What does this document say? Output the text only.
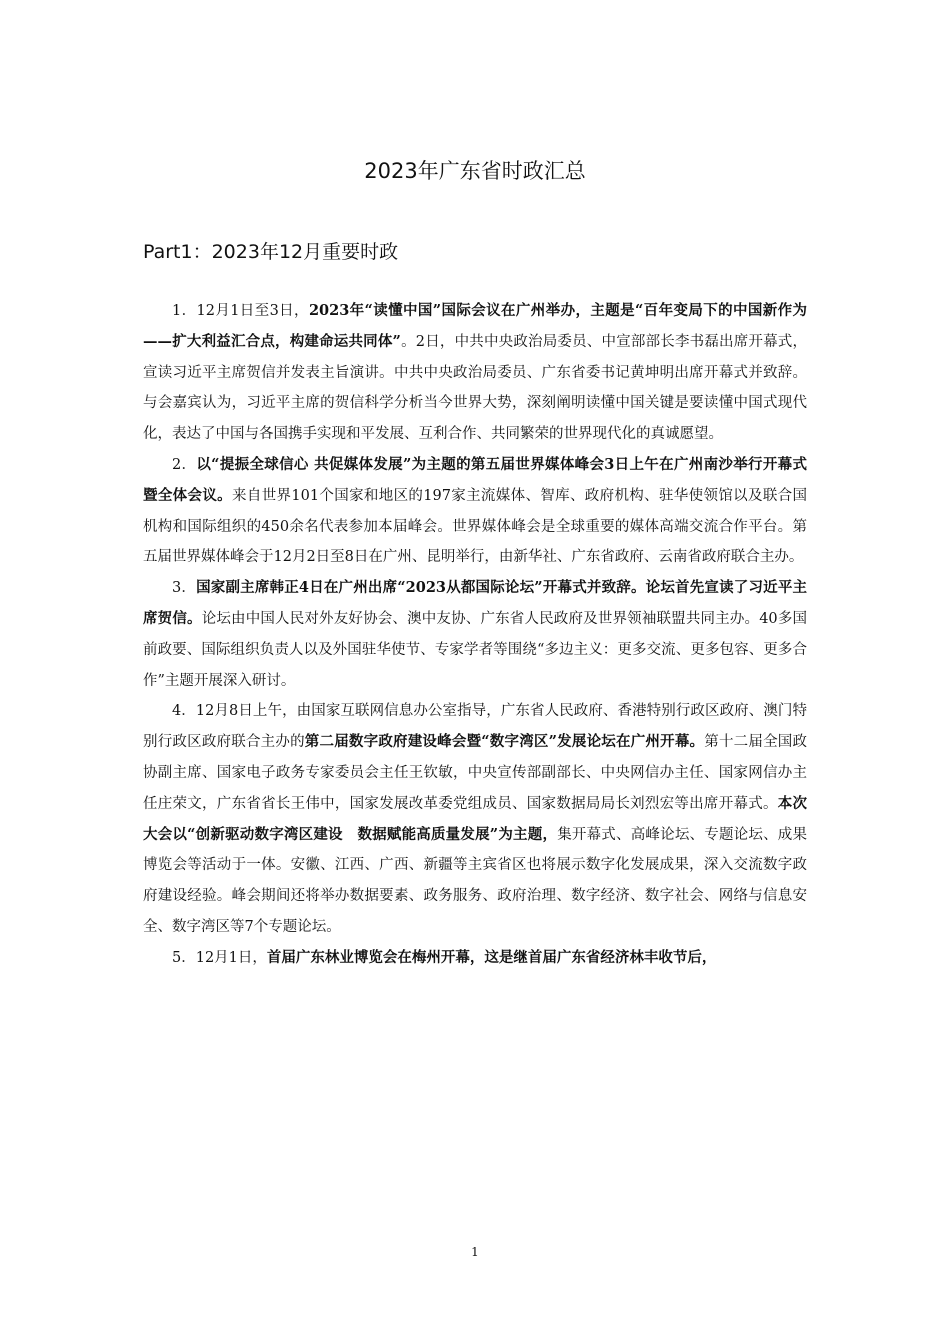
2023年广东省时政汇总
Part1：2023年12月重要时政

1．12月1日至3日，2023年“读懂中国”国际会议在广州举办，主题是“百年变局下的中国新作为——扩大利益汇合点，构建命运共同体”。2日，中共中央政治局委员、中宣部部长李书磊出席开幕式，宣读习近平主席贺信并发表主旨演讲。中共中央政治局委员、广东省委书记黄坤明出席开幕式并致辞。与会嘉宾认为，习近平主席的贺信科学分析当今世界大势，深刻阐明读懂中国关键是要读懂中国式现代化，表达了中国与各国携手实现和平发展、互利合作、共同繁荣的世界现代化的真诚愿望。

2．以“提振全球信心 共促媒体发展”为主题的第五届世界媒体峰会3日上午在广州南沙举行开幕式暨全体会议。来自世界101个国家和地区的197家主流媒体、智库、政府机构、驻华使领馆以及联合国机构和国际组织的450余名代表参加本届峰会。世界媒体峰会是全球重要的媒体高端交流合作平台。第五届世界媒体峰会于12月2日至8日在广州、昆明举行，由新华社、广东省政府、云南省政府联合主办。

3．国家副主席韩正4日在广州出席“2023从都国际论坛”开幕式并致辞。论坛首先宣读了习近平主席贺信。论坛由中国人民对外友好协会、澳中友协、广东省人民政府及世界领袖联盟共同主办。40多国前政要、国际组织负责人以及外国驻华使节、专家学者等围绕“多边主义：更多交流、更多包容、更多合作”主题开展深入研讨。

4．12月8日上午，由国家互联网信息办公室指导，广东省人民政府、香港特别行政区政府、澳门特别行政区政府联合主办的第二届数字政府建设峰会暨“数字湾区”发展论坛在广州开幕。第十二届全国政协副主席、国家电子政务专家委员会主任王钦敏，中央宣传部副部长、中央网信办主任、国家网信办主任庄荣文，广东省省长王伟中，国家发展改革委党组成员、国家数据局局长刘烈宏等出席开幕式。本次大会以“创新驱动数字湾区建设　数据赋能高质量发展”为主题，集开幕式、高峰论坛、专题论坛、成果博览会等活动于一体。安徽、江西、广西、新疆等主宾省区也将展示数字化发展成果，深入交流数字政府建设经验。峰会期间还将举办数据要素、政务服务、政府治理、数字经济、数字社会、网络与信息安全、数字湾区等7个专题论坛。

5．12月1日，首届广东林业博览会在梅州开幕，这是继首届广东省经济林丰收节后，

1
